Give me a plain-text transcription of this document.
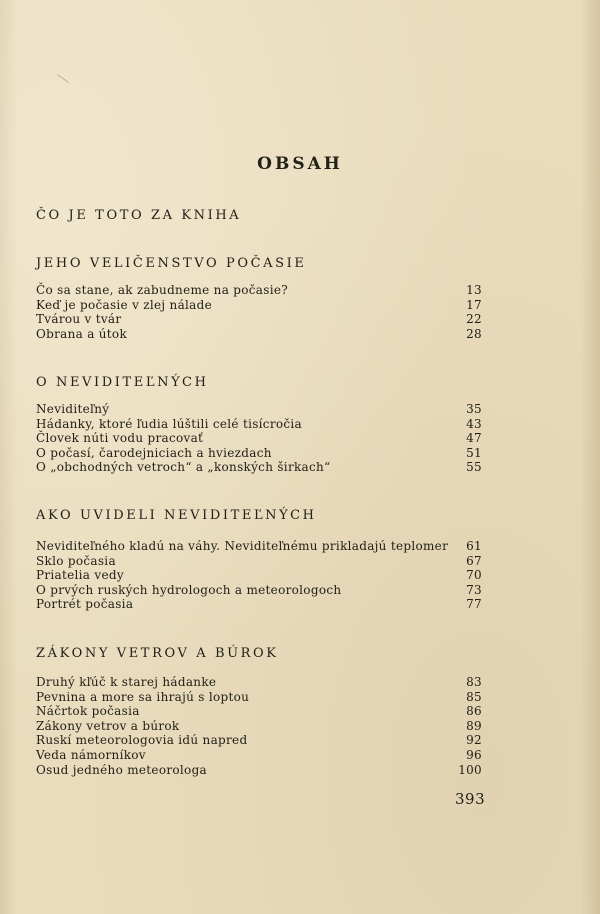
OBSAH
ČO JE TOTO ZA KNIHA
JEHO VELIČENSTVO POČASIE
Čo sa stane, ak zabudneme na počasie?	13
Keď je počasie v zlej nálade	17
Tvárou v tvár	22
Obrana a útok	28
O NEVIDITEĽNÝCH
Neviditeľný	35
Hádanky, ktoré ľudia lúštili celé tisícročia	43
Človek núti vodu pracovať	47
O počasí, čarodejniciach a hviezdach	51
O „obchodných vetroch“ a „konských širkach“	55
AKO UVIDELI NEVIDITEĽNÝCH
Neviditeľného kladú na váhy. Neviditeľnému prikladajú teplomer	61
Sklo počasia	67
Priatelia vedy	70
O prvých ruských hydrologoch a meteorologoch	73
Portrét počasia	77
ZÁKONY VETROV A BÚROK
Druhý kľúč k starej hádanke	83
Pevnina a more sa ihrajú s loptou	85
Náčrtok počasia	86
Zákony vetrov a búrok	89
Ruskí meteorologovia idú napred	92
Veda námorníkov	96
Osud jedného meteorologa	100
393
